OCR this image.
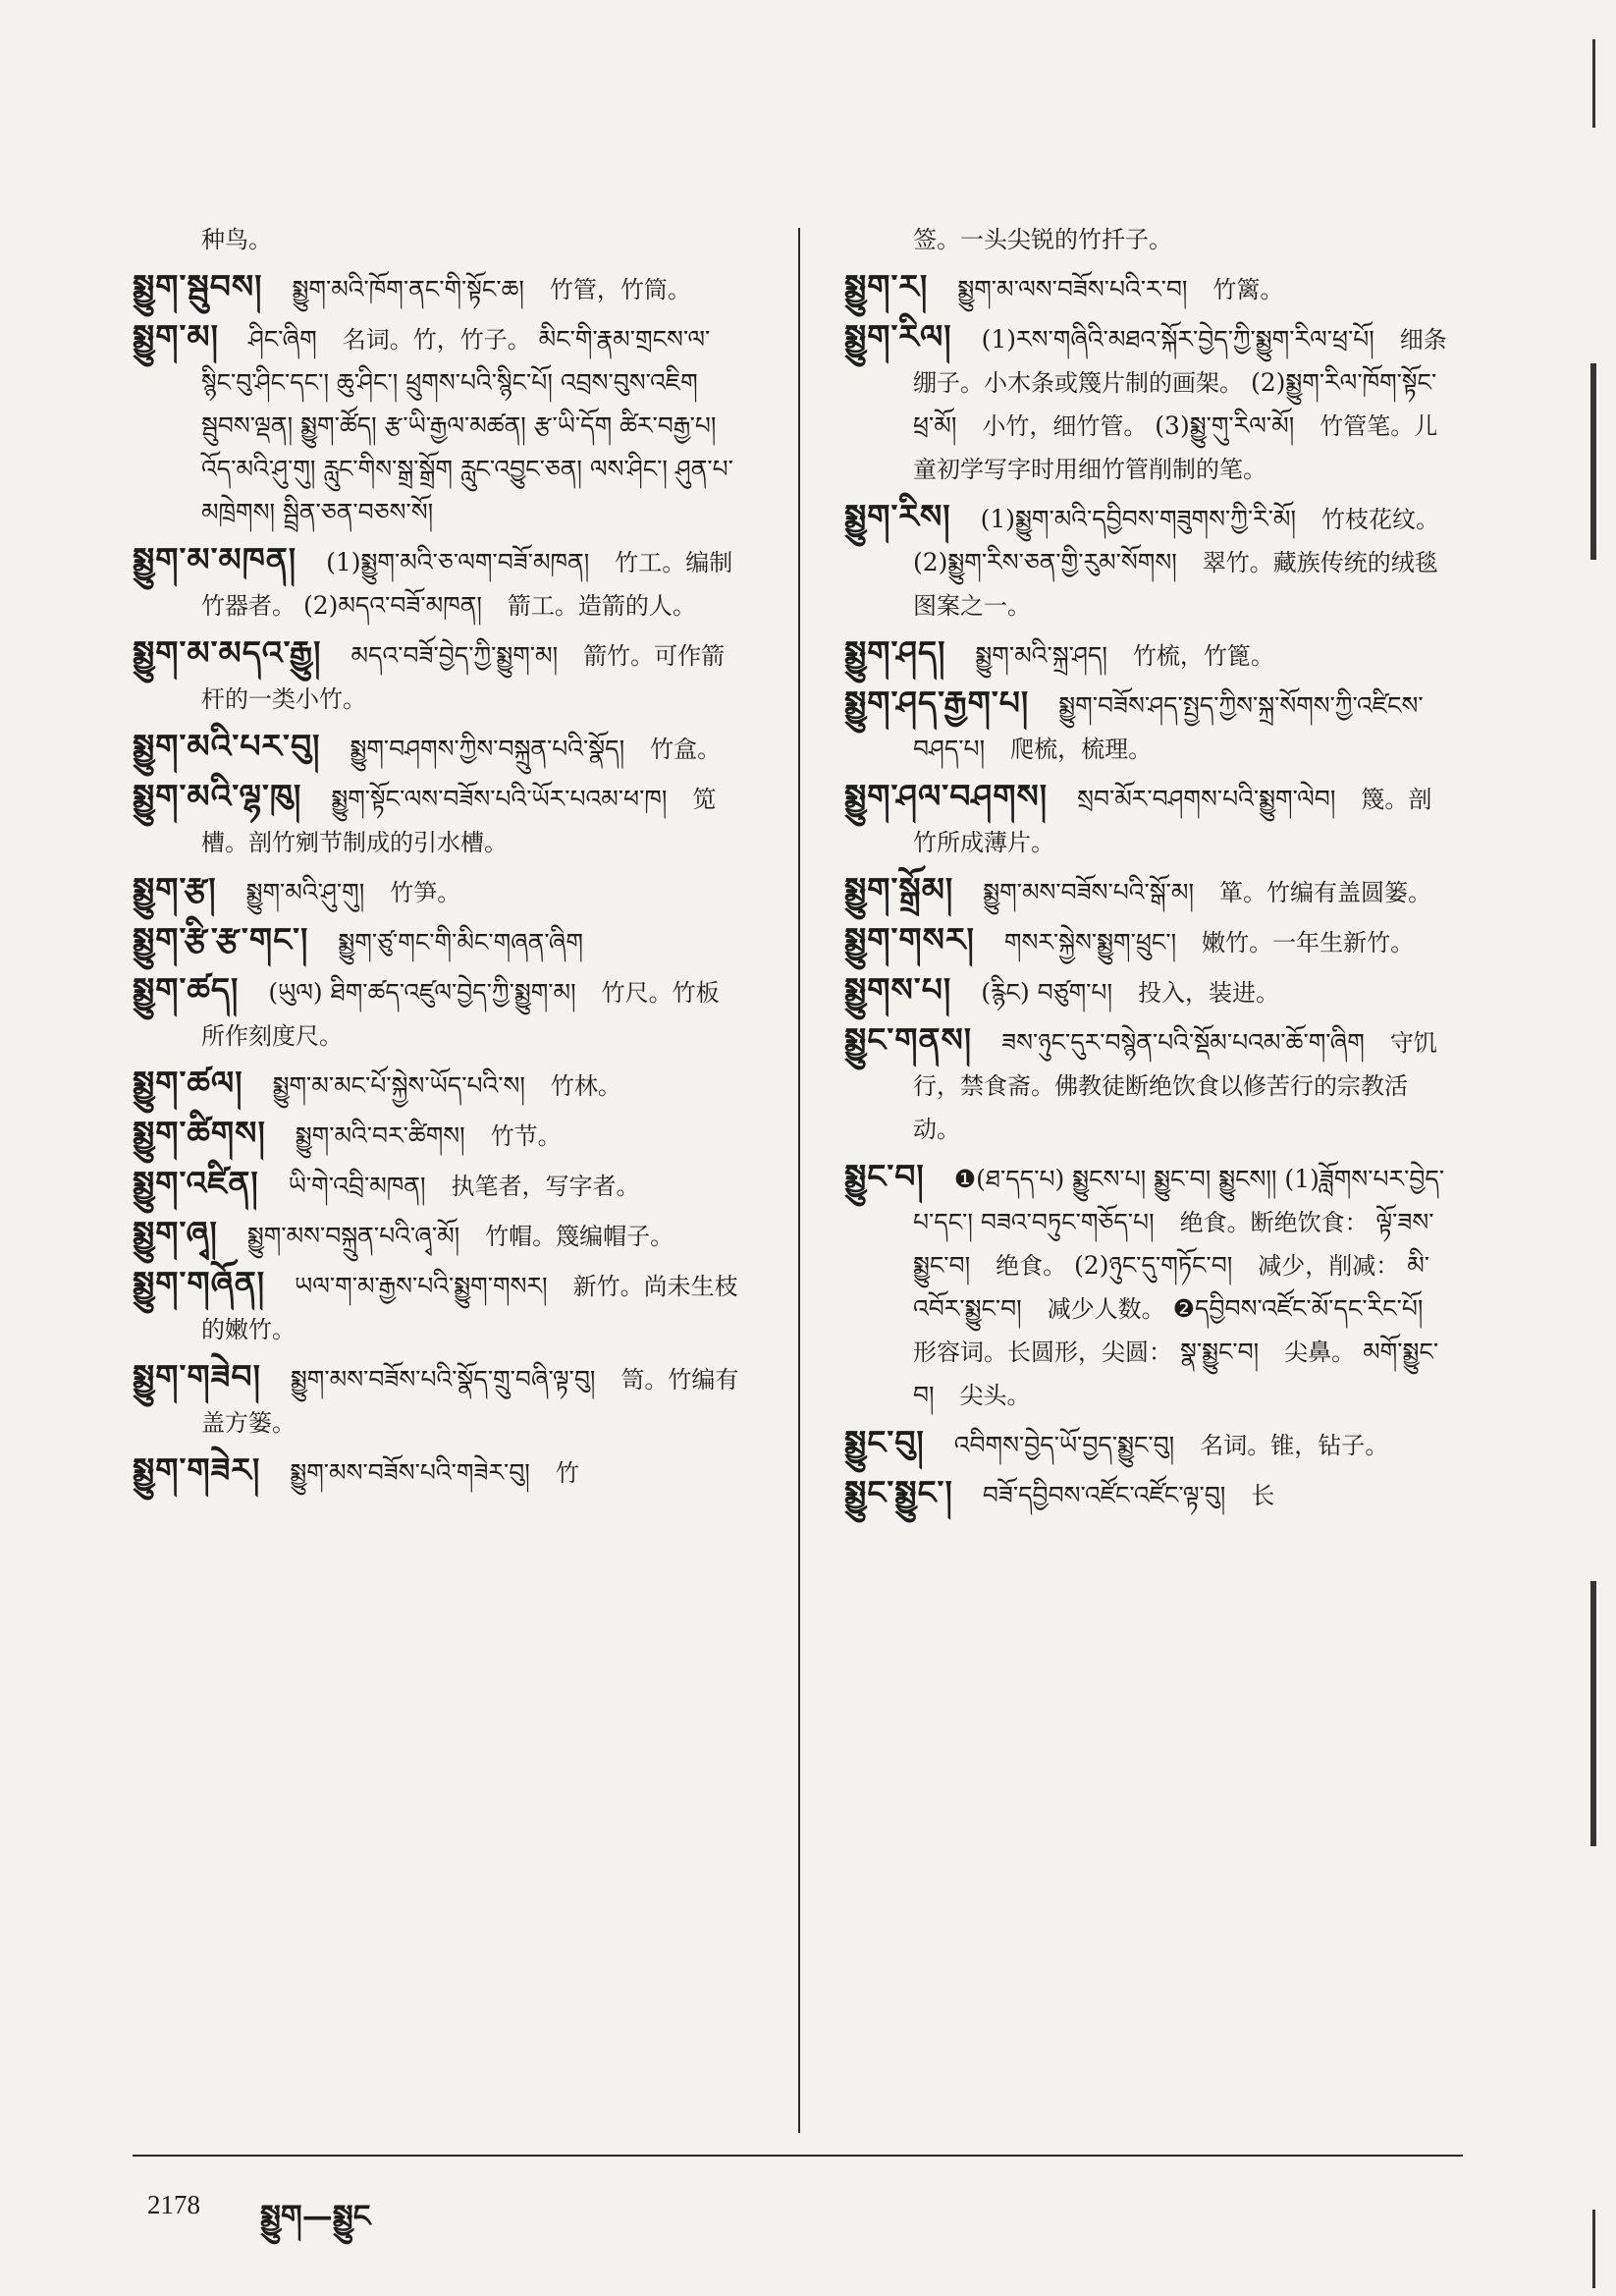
种鸟。

སྨྱུག་སྦུབས། སྨྱུག་མའི་ཁོག་ནང་གི་སྟོང་ཆ། 竹管，竹筒。

སྨྱུག་མ། ཤིང་ཞིག 名词。竹，竹子。 མིང་གི་རྣམ་གྲངས་ལ་སྙིང་བུ་ཤིང་དང་། ཆུ་ཤིང་། ཕྲུགས་པའི་སྙིང་པོ། འབྲས་བུས་འཇིག སྦུབས་ལྡན། སྨྱུག་ཚོད། རྩ་ཡི་རྒྱལ་མཚན། རྩ་ཡི་དོག ཚིར་བརྒྱ་པ། འོད་མའི་ཤུ་གུ། རླུང་གིས་སྒྲ་སྒྲོག རླུང་འབྱུང་ཅན། ལས་ཤིང་། ཤུན་པ་མཁྲེགས། སྦྲིན་ཅན་བཅས་སོ།

སྨྱུག་མ་མཁན། (1)སྨྱུག་མའི་ཅ་ལག་བཟོ་མཁན། 竹工。编制竹器者。 (2)མདའ་བཟོ་མཁན། 箭工。造箭的人。

སྨྱུག་མ་མདའ་རྒྱུ། མདའ་བཟོ་བྱེད་ཀྱི་སྨྱུག་མ། 箭竹。可作箭杆的一类小竹。

སྨྱུག་མའི་པར་བུ། སྨྱུག་བཤགས་ཀྱིས་བསྐྲུན་པའི་སྣོད། 竹盒。

སྨྱུག་མའི་ལྷ་ཁུ། སྨྱུག་སྟོང་ལས་བཟོས་པའི་ཡོར་པའམ་ཕ་ཁ། 笕槽。剖竹剜节制成的引水槽。

སྨྱུག་རྩ། སྨྱུག་མའི་ཤུ་གུ། 竹笋。

སྨྱུག་རྩི་རྩ་གང་། སྨྱུག་ཙུ་གང་གི་མིང་གཞན་ཞིག

སྨྱུག་ཚད། (ཡུལ) ཐིག་ཚད་འཛུལ་བྱེད་ཀྱི་སྨྱུག་མ། 竹尺。竹板所作刻度尺。

སྨྱུག་ཚལ། སྨྱུག་མ་མང་པོ་སྐྱེས་ཡོད་པའི་ས། 竹林。

སྨྱུག་ཚིགས། སྨྱུག་མའི་བར་ཚིགས། 竹节。

སྨྱུག་འཛིན། ཡི་གེ་འབྲི་མཁན། 执笔者，写字者。

སྨྱུག་ཞྭ། སྨྱུག་མས་བསྐྲུན་པའི་ཞྭ་མོ། 竹帽。篾编帽子。

སྨྱུག་གཞོན། ཡལ་ག་མ་རྒྱས་པའི་སྨྱུག་གསར། 新竹。尚未生枝的嫩竹。

སྨྱུག་གཟེབ། སྨྱུག་མས་བཟོས་པའི་སྣོད་གྲུ་བཞི་ལྟ་བུ། 笥。竹编有盖方篓。

སྨྱུག་གཟེར། སྨྱུག་མས་བཟོས་པའི་གཟེར་བུ། 竹

签。一头尖锐的竹扦子。

སྨྱུག་ར། སྨྱུག་མ་ལས་བཟོས་པའི་ར་བ། 竹篱。

སྨྱུག་རིལ། (1)རས་གཞིའི་མཐའ་སྐོར་བྱེད་ཀྱི་སྨྱུག་རིལ་ཕྲ་པོ། 细条绷子。小木条或篾片制的画架。 (2)སྨྱུག་རིལ་ཁོག་སྟོང་ཕྲ་མོ། 小竹，细竹管。 (3)སྨྱུ་གུ་རིལ་མོ། 竹管笔。儿童初学写字时用细竹管削制的笔。

སྨྱུག་རིས། (1)སྨྱུག་མའི་དབྱིབས་གཟུགས་ཀྱི་རི་མོ། 竹枝花纹。 (2)སྨྱུག་རིས་ཅན་གྱི་རུམ་སོགས། 翠竹。藏族传统的绒毯图案之一。

སྨྱུག་ཤད། སྨྱུག་མའི་སྐྲ་ཤད། 竹梳，竹篦。

སྨྱུག་ཤད་རྒྱག་པ། སྨྱུག་བཟོས་ཤད་སྤྱད་ཀྱིས་སྐྲ་སོགས་ཀྱི་འཛིངས་བཤད་པ། 爬梳，梳理。

སྨྱུག་ཤལ་བཤགས། སྲབ་མོར་བཤགས་པའི་སྨྱུག་ལེབ། 篾。剖竹所成薄片。

སྨྱུག་སྒྲོམ། སྨྱུག་མས་བཟོས་པའི་སྒོ་མ། 箪。竹编有盖圆篓。

སྨྱུག་གསར། གསར་སྐྱེས་སྨྱུག་ཕྲུང་། 嫩竹。一年生新竹。

སྨྱུགས་པ། (རྙིང) བཙུག་པ། 投入，装进。

སྨྱུང་གནས། ཟས་ཉུང་དུར་བསྙེན་པའི་སྡོམ་པའམ་ཆོ་ག་ཞིག 守饥行，禁食斋。佛教徒断绝饮食以修苦行的宗教活动。

སྨྱུང་བ། ❶(ཐ་དད་པ) སྨྱུངས་པ། སྨྱུང་བ། སྨྱུངས།། (1)ཟློགས་པར་བྱེད་པ་དང་། བཟའ་བཏུང་གཅོད་པ། 绝食。断绝饮食： ལྟོ་ཟས་སྨྱུང་བ། 绝食。 (2)ཉུང་དུ་གཏོང་བ། 减少，削减： མི་འབོར་སྨྱུང་བ། 减少人数。 ❷དབྱིབས་འཛོང་མོ་དང་རིང་པོ། 形容词。长圆形，尖圆： སྣ་སྨྱུང་བ། 尖鼻。 མགོ་སྨྱུང་བ། 尖头。

སྨྱུང་བུ། འབིགས་བྱེད་ཡོ་བྱད་སྨྱུང་བུ། 名词。锥，钻子。

སྨྱུང་སྨྱུང་། བཟོ་དབྱིབས་འཛོང་འཛོང་ལྟ་བུ། 长

2178 སྨྱུག—སྨྱུང
